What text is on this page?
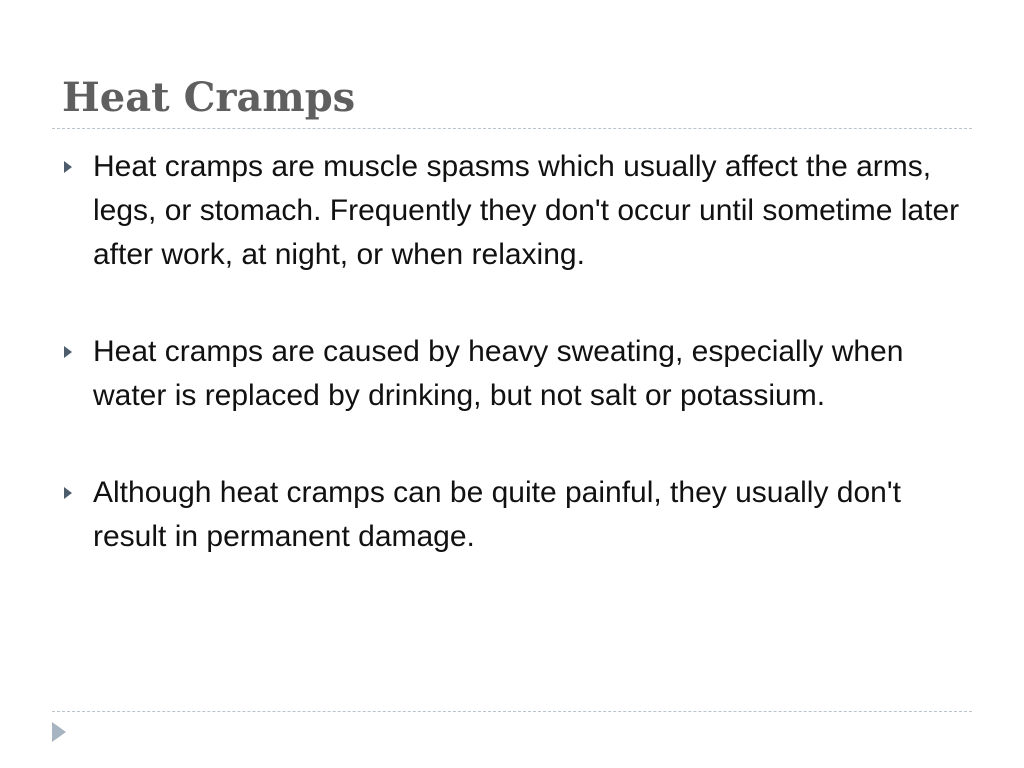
Heat Cramps
Heat cramps are muscle spasms which usually affect the arms, legs, or stomach. Frequently they don't occur until sometime later after work, at night, or when relaxing.
Heat cramps are caused by heavy sweating, especially when water is replaced by drinking, but not salt or potassium.
Although heat cramps can be quite painful, they usually don't result in permanent damage.
